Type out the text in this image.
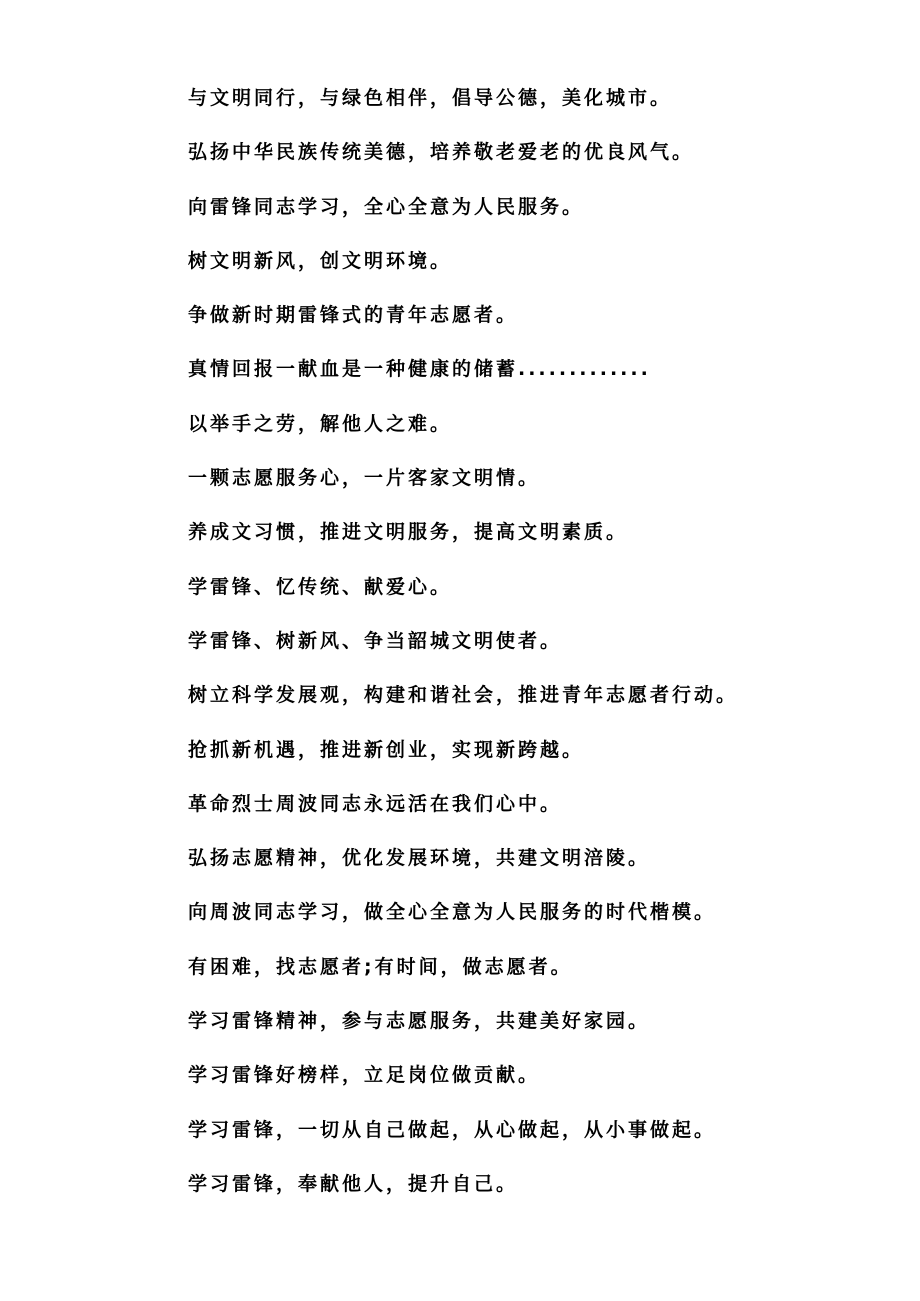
与文明同行，与绿色相伴，倡导公德，美化城市。
弘扬中华民族传统美德，培养敬老爱老的优良风气。
向雷锋同志学习，全心全意为人民服务。
树文明新风，创文明环境。
争做新时期雷锋式的青年志愿者。
真情回报一献血是一种健康的储蓄.............
以举手之劳，解他人之难。
一颗志愿服务心，一片客家文明情。
养成文习惯，推进文明服务，提高文明素质。
学雷锋、忆传统、献爱心。
学雷锋、树新风、争当韶城文明使者。
树立科学发展观，构建和谐社会，推进青年志愿者行动。
抢抓新机遇，推进新创业，实现新跨越。
革命烈士周波同志永远活在我们心中。
弘扬志愿精神，优化发展环境，共建文明涪陵。
向周波同志学习，做全心全意为人民服务的时代楷模。
有困难，找志愿者;有时间，做志愿者。
学习雷锋精神，参与志愿服务，共建美好家园。
学习雷锋好榜样，立足岗位做贡献。
学习雷锋，一切从自己做起，从心做起，从小事做起。
学习雷锋，奉献他人，提升自己。
